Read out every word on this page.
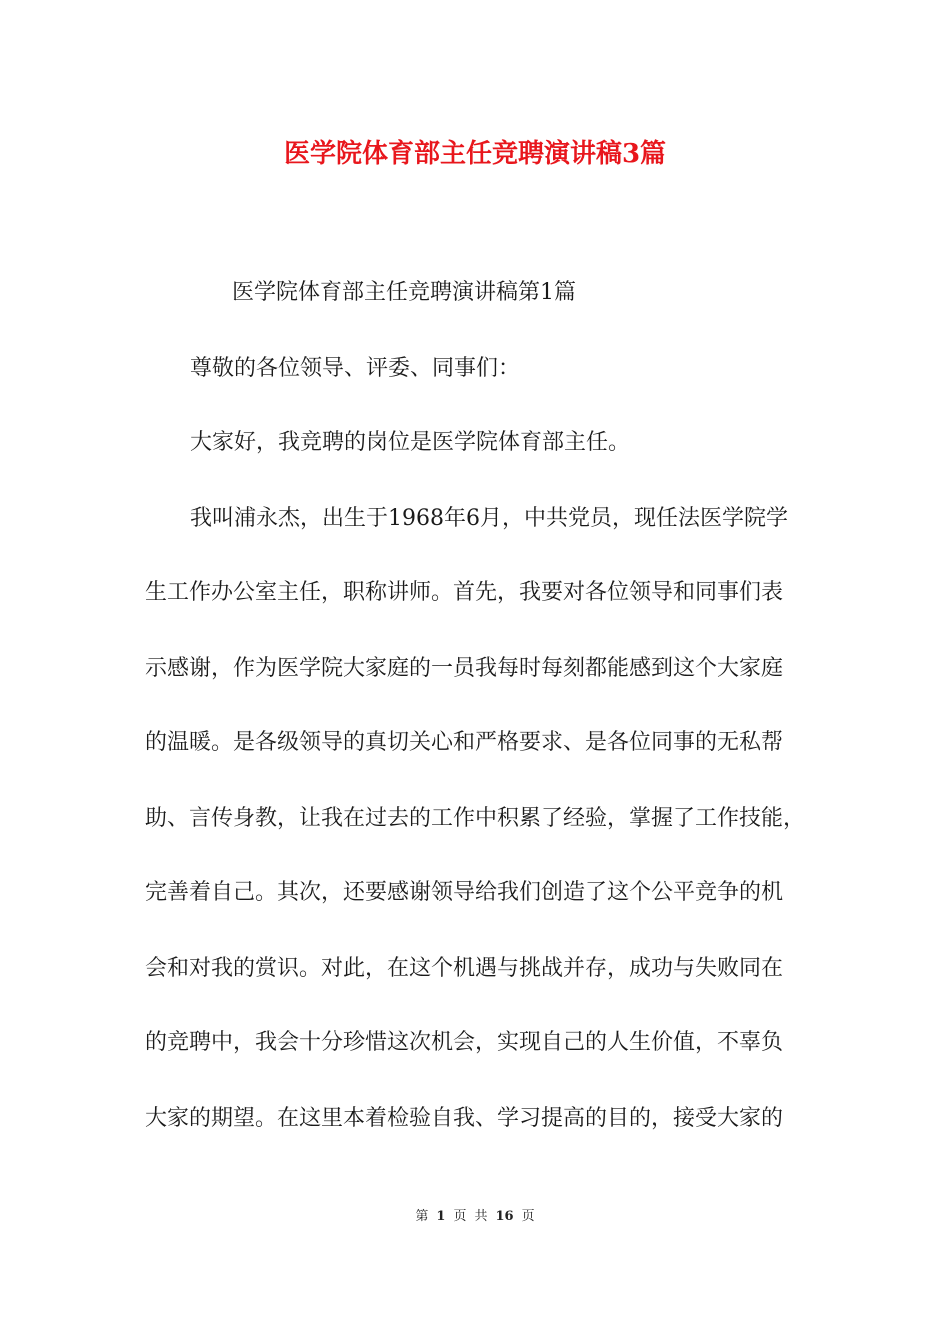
医学院体育部主任竞聘演讲稿3篇
医学院体育部主任竞聘演讲稿第1篇
尊敬的各位领导、评委、同事们：
大家好，我竞聘的岗位是医学院体育部主任。
我叫浦永杰，出生于1968年6月，中共党员，现任法医学院学
生工作办公室主任，职称讲师。首先，我要对各位领导和同事们表
示感谢，作为医学院大家庭的一员我每时每刻都能感到这个大家庭
的温暖。是各级领导的真切关心和严格要求、是各位同事的无私帮
助、言传身教，让我在过去的工作中积累了经验，掌握了工作技能，
完善着自己。其次，还要感谢领导给我们创造了这个公平竞争的机
会和对我的赏识。对此，在这个机遇与挑战并存，成功与失败同在
的竞聘中，我会十分珍惜这次机会，实现自己的人生价值，不辜负
大家的期望。在这里本着检验自我、学习提高的目的，接受大家的
第 1 页 共 16 页
